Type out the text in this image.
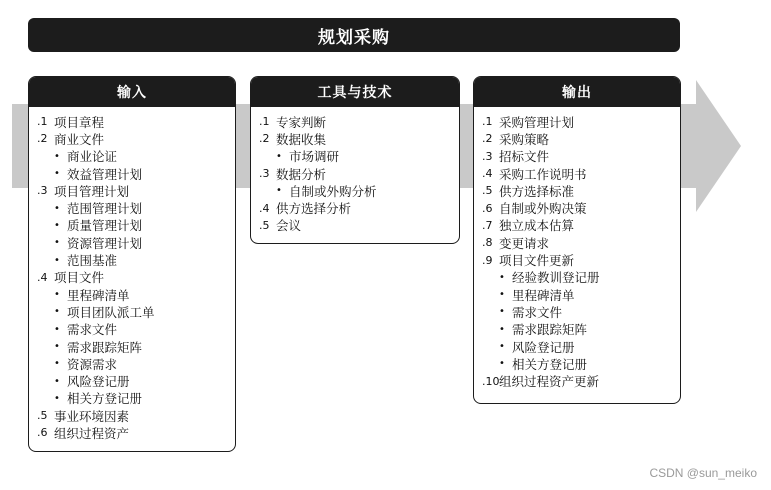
规划采购
输入
.1 项目章程
.2 商业文件
• 商业论证
• 效益管理计划
.3 项目管理计划
• 范围管理计划
• 质量管理计划
• 资源管理计划
• 范围基准
.4 项目文件
• 里程碑清单
• 项目团队派工单
• 需求文件
• 需求跟踪矩阵
• 资源需求
• 风险登记册
• 相关方登记册
.5 事业环境因素
.6 组织过程资产
工具与技术
.1 专家判断
.2 数据收集
• 市场调研
.3 数据分析
• 自制或外购分析
.4 供方选择分析
.5 会议
输出
.1 采购管理计划
.2 采购策略
.3 招标文件
.4 采购工作说明书
.5 供方选择标准
.6 自制或外购决策
.7 独立成本估算
.8 变更请求
.9 项目文件更新
• 经验教训登记册
• 里程碑清单
• 需求文件
• 需求跟踪矩阵
• 风险登记册
• 相关方登记册
.10 组织过程资产更新
CSDN @sun_meiko
